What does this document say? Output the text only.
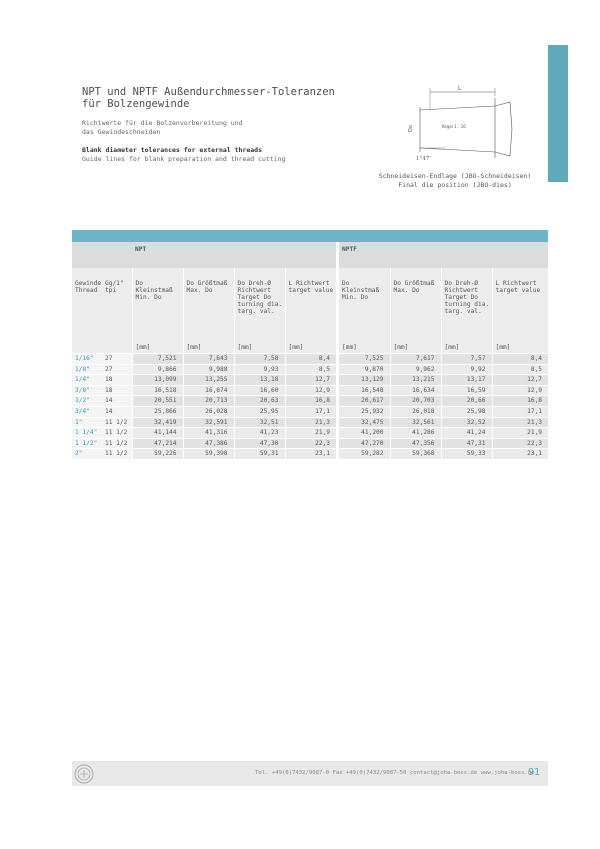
NPT und NPTF Außendurchmesser-Toleranzen
für Bolzengewinde
Richtwerte für die Bolzenvorbereitung und
das Gewindeschneiden
Blank diameter tolerances for external threads
Guide lines for blank preparation and thread cutting
L
Do	Kegel 1 : 16
1°47'
Schneideisen-Endlage (JBO-Schneideisen)
Final die position (JBO-dies)
		NPT					NPTF			
Gewinde Thread	Gg/1" tpi	Do Kleinstmaß Min. Do	Do Größtmaß Max. Do	Do Dreh-Ø Richtwert Target Do turning dia. targ. val.	L Richtwert target value		Do Kleinstmaß Min. Do	Do Größtmaß Max. Do	Do Dreh-Ø Richtwert Target Do turning dia. targ. val.	L Richtwert target value
		[mm]	[mm]	[mm]	[mm]		[mm]	[mm]	[mm]	[mm]
1/16"	27	7,521	7,643	7,58	8,4		7,525	7,617	7,57	8,4
1/8"	27	9,866	9,988	9,93	8,5		9,870	9,962	9,92	8,5
1/4"	18	13,099	13,255	13,18	12,7		13,129	13,215	13,17	12,7
3/8"	18	16,518	16,674	16,60	12,9		16,548	16,634	16,59	12,9
1/2"	14	20,551	20,713	20,63	16,8		20,617	20,703	20,66	16,8
3/4"	14	25,866	26,028	25,95	17,1		25,932	26,018	25,98	17,1
1"	11 1/2	32,419	32,591	32,51	21,3		32,475	32,561	32,52	21,3
1 1/4"	11 1/2	41,144	41,316	41,23	21,9		41,200	41,286	41,24	21,9
1 1/2"	11 1/2	47,214	47,386	47,30	22,3		47,270	47,356	47,31	22,3
2"	11 1/2	59,226	59,398	59,31	23,1		59,282	59,368	59,33	23,1
Tel. +49(0)7432/9087-0 Fax +49(0)7432/9087-50 contact@joha-boss.de www.joha-boss.de
91
